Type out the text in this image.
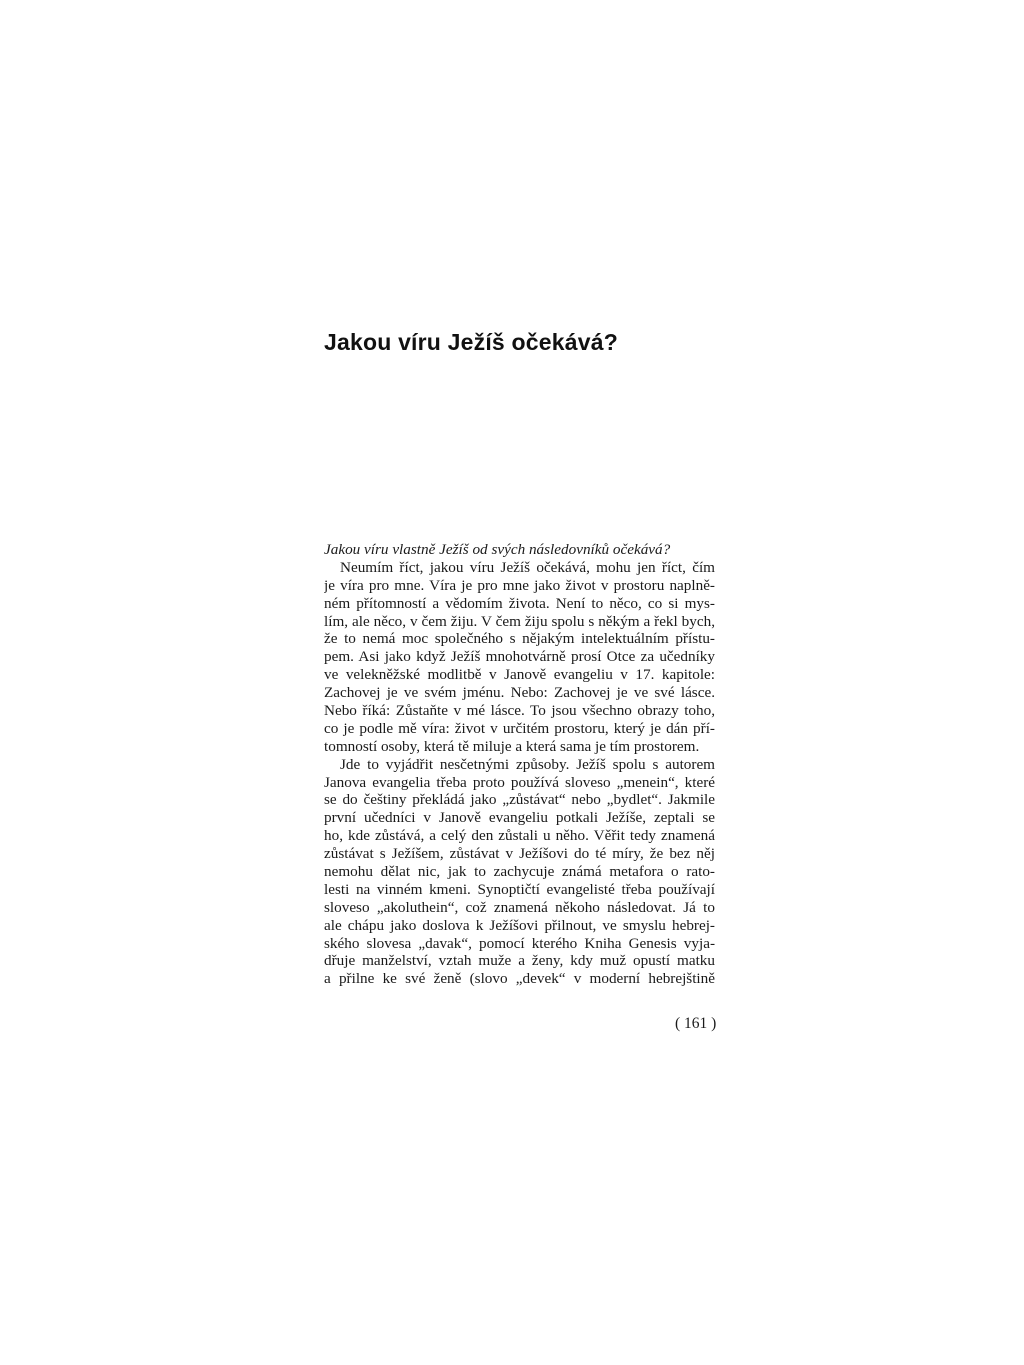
Jakou víru Ježíš očekává?
Jakou víru vlastně Ježíš od svých následovníků očekává?
Neumím říct, jakou víru Ježíš očekává, mohu jen říct, čím
je víra pro mne. Víra je pro mne jako život v prostoru naplně-
ném přítomností a vědomím života. Není to něco, co si mys-
lím, ale něco, v čem žiju. V čem žiju spolu s někým a řekl bych,
že to nemá moc společného s nějakým intelektuálním přístu-
pem. Asi jako když Ježíš mnohotvárně prosí Otce za učedníky
ve velekněžské modlitbě v Janově evangeliu v 17. kapitole:
Zachovej je ve svém jménu. Nebo: Zachovej je ve své lásce.
Nebo říká: Zůstaňte v mé lásce. To jsou všechno obrazy toho,
co je podle mě víra: život v určitém prostoru, který je dán pří-
tomností osoby, která tě miluje a která sama je tím prostorem.
Jde to vyjádřit nesčetnými způsoby. Ježíš spolu s autorem
Janova evangelia třeba proto používá sloveso „menein“, které
se do češtiny překládá jako „zůstávat“ nebo „bydlet“. Jakmile
první učedníci v Janově evangeliu potkali Ježíše, zeptali se
ho, kde zůstává, a celý den zůstali u něho. Věřit tedy znamená
zůstávat s Ježíšem, zůstávat v Ježíšovi do té míry, že bez něj
nemohu dělat nic, jak to zachycuje známá metafora o rato-
lesti na vinném kmeni. Synoptičtí evangelisté třeba používají
sloveso „akoluthein“, což znamená někoho následovat. Já to
ale chápu jako doslova k Ježíšovi přilnout, ve smyslu hebrej-
ského slovesa „davak“, pomocí kterého Kniha Genesis vyja-
dřuje manželství, vztah muže a ženy, kdy muž opustí matku
a přilne ke své ženě (slovo „devek“ v moderní hebrejštině
( 161 )
